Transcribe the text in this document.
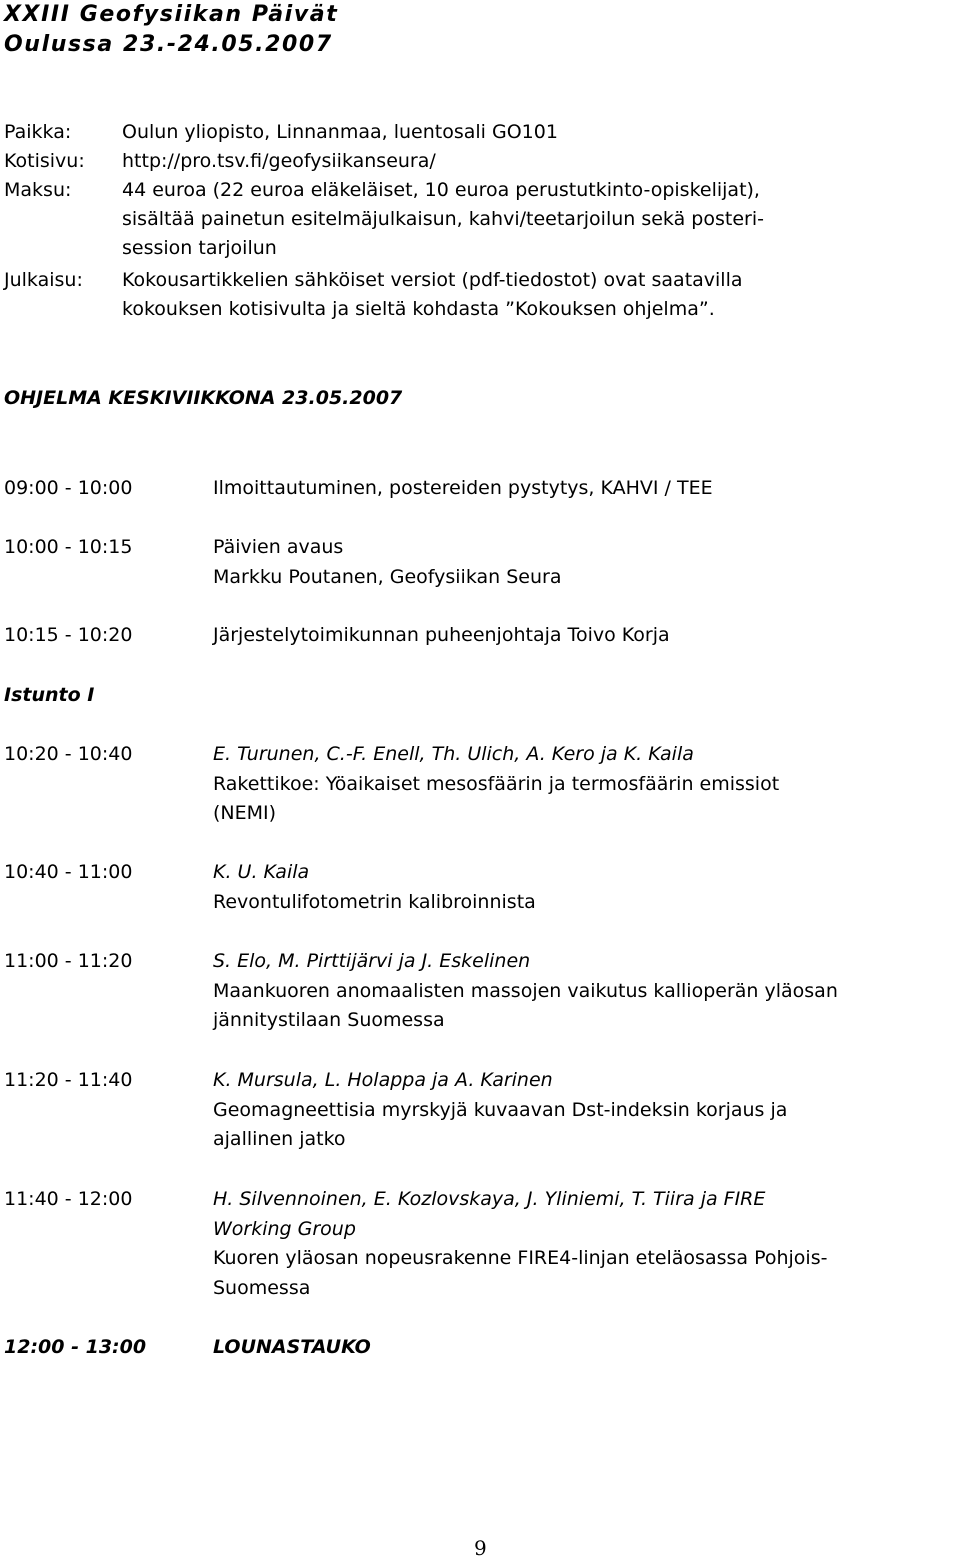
XXIII Geofysiikan Päivät
Oulussa 23.-24.05.2007
Paikka:	Oulun yliopisto, Linnanmaa, luentosali GO101
Kotisivu: http://pro.tsv.fi/geofysiikanseura/
Maksu:	44 euroa (22 euroa eläkeläiset, 10 euroa perustutkinto-opiskelijat),
sisältää painetun esitelmäjulkaisun, kahvi/teetarjoilun sekä posteri-
session tarjoilun
Julkaisu: Kokousartikkelien sähköiset versiot (pdf-tiedostot) ovat saatavilla
kokouksen kotisivulta ja sieltä kohdasta ”Kokouksen ohjelma”.
OHJELMA KESKIVIIKKONA 23.05.2007
09:00 - 10:00	Ilmoittautuminen, postereiden pystytys, KAHVI / TEE
10:00 - 10:15	Päivien avaus
Markku Poutanen, Geofysiikan Seura
10:15 - 10:20	Järjestelytoimikunnan puheenjohtaja Toivo Korja
Istunto I
10:20 - 10:40	E. Turunen, C.-F. Enell, Th. Ulich, A. Kero ja K. Kaila
Rakettikoe: Yöaikaiset mesosfäärin ja termosfäärin emissiot
(NEMI)
10:40 - 11:00	K. U. Kaila
Revontulifotometrin kalibroinnista
11:00 - 11:20	S. Elo, M. Pirttijärvi ja J. Eskelinen
Maankuoren anomaalisten massojen vaikutus kallioperän yläosan
jännitystilaan Suomessa
11:20 - 11:40	K. Mursula, L. Holappa ja A. Karinen
Geomagneettisia myrskyjä kuvaavan Dst-indeksin korjaus ja
ajallinen jatko
11:40 - 12:00	H. Silvennoinen, E. Kozlovskaya, J. Yliniemi, T. Tiira ja FIRE
Working Group
Kuoren yläosan nopeusrakenne FIRE4-linjan eteläosassa Pohjois-
Suomessa
12:00 - 13:00	LOUNASTAUKO
9
